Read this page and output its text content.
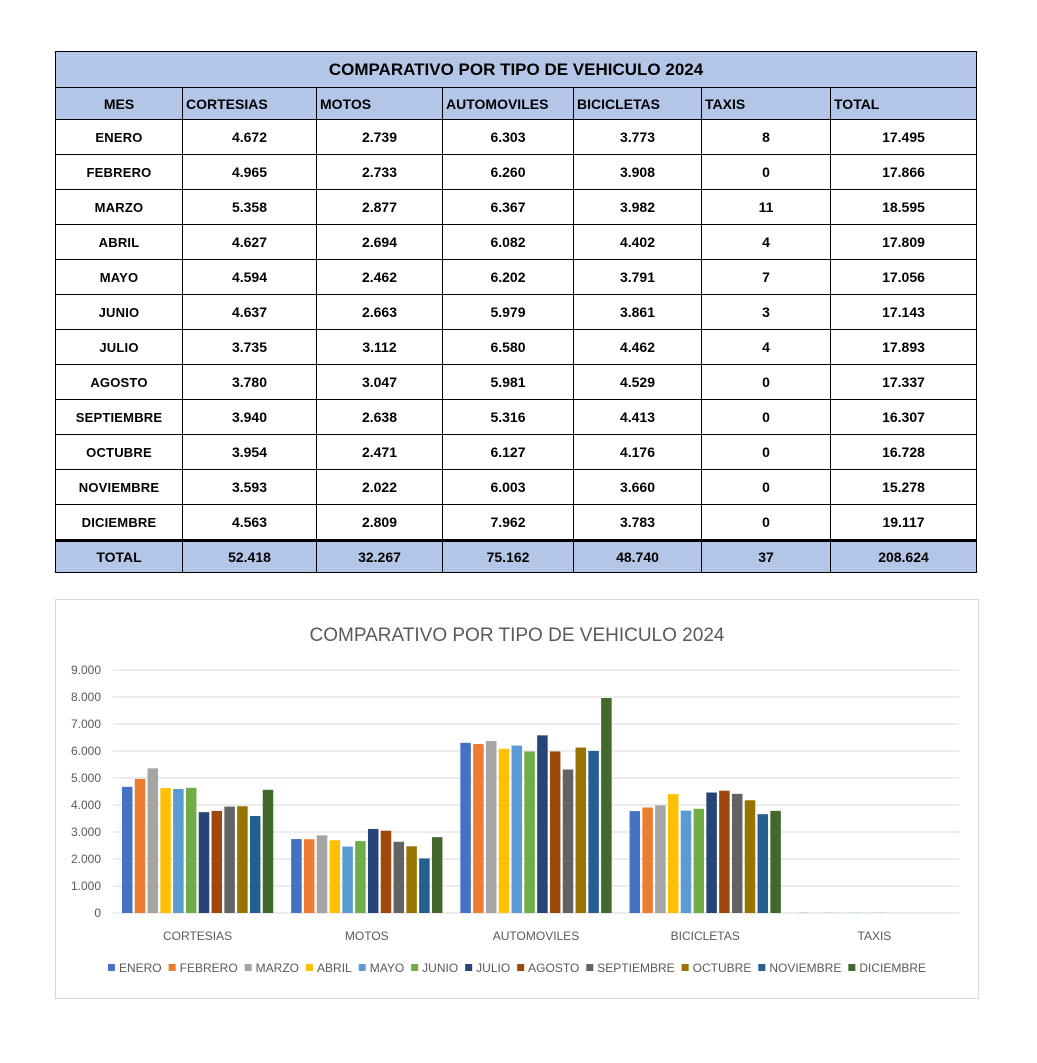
COMPARATIVO POR TIPO DE VEHICULO 2024						
MES	CORTESIAS	MOTOS	AUTOMOVILES	BICICLETAS	TAXIS	TOTAL
ENERO	4.672	2.739	6.303	3.773	8	17.495
FEBRERO	4.965	2.733	6.260	3.908	0	17.866
MARZO	5.358	2.877	6.367	3.982	11	18.595
ABRIL	4.627	2.694	6.082	4.402	4	17.809
MAYO	4.594	2.462	6.202	3.791	7	17.056
JUNIO	4.637	2.663	5.979	3.861	3	17.143
JULIO	3.735	3.112	6.580	4.462	4	17.893
AGOSTO	3.780	3.047	5.981	4.529	0	17.337
SEPTIEMBRE	3.940	2.638	5.316	4.413	0	16.307
OCTUBRE	3.954	2.471	6.127	4.176	0	16.728
NOVIEMBRE	3.593	2.022	6.003	3.660	0	15.278
DICIEMBRE	4.563	2.809	7.962	3.783	0	19.117
TOTAL	52.418	32.267	75.162	48.740	37	208.624
COMPARATIVO POR TIPO DE VEHICULO 2024
0
1.000
2.000
3.000
4.000
5.000
6.000
7.000
8.000
9.000
CORTESIAS	MOTOS	AUTOMOVILES	BICICLETAS	TAXIS
ENERO FEBRERO MARZO ABRIL MAYO JUNIO JULIO AGOSTO SEPTIEMBRE OCTUBRE NOVIEMBRE DICIEMBRE
